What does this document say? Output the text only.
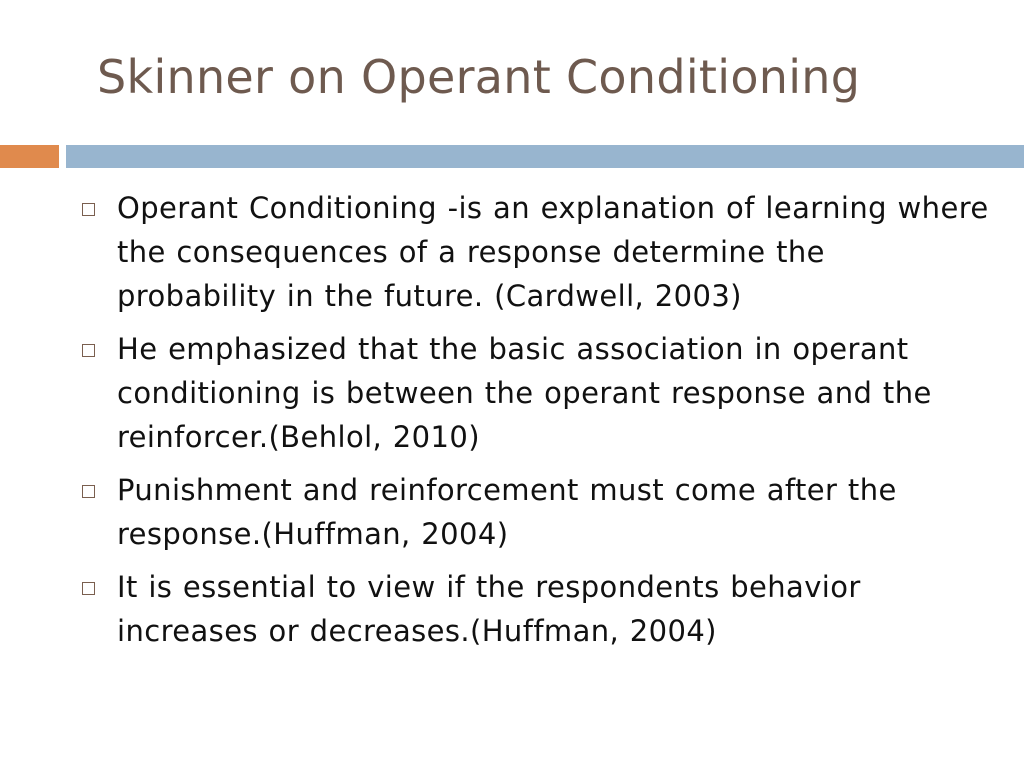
Skinner on Operant Conditioning
Operant Conditioning -is an explanation of learning where the consequences of a response determine the probability in the future. (Cardwell, 2003)
He emphasized that the basic association in operant conditioning is between the operant response and the reinforcer.(Behlol, 2010)
Punishment and reinforcement must come after the response.(Huffman, 2004)
It is essential to view if the respondents behavior increases or decreases.(Huffman, 2004)
